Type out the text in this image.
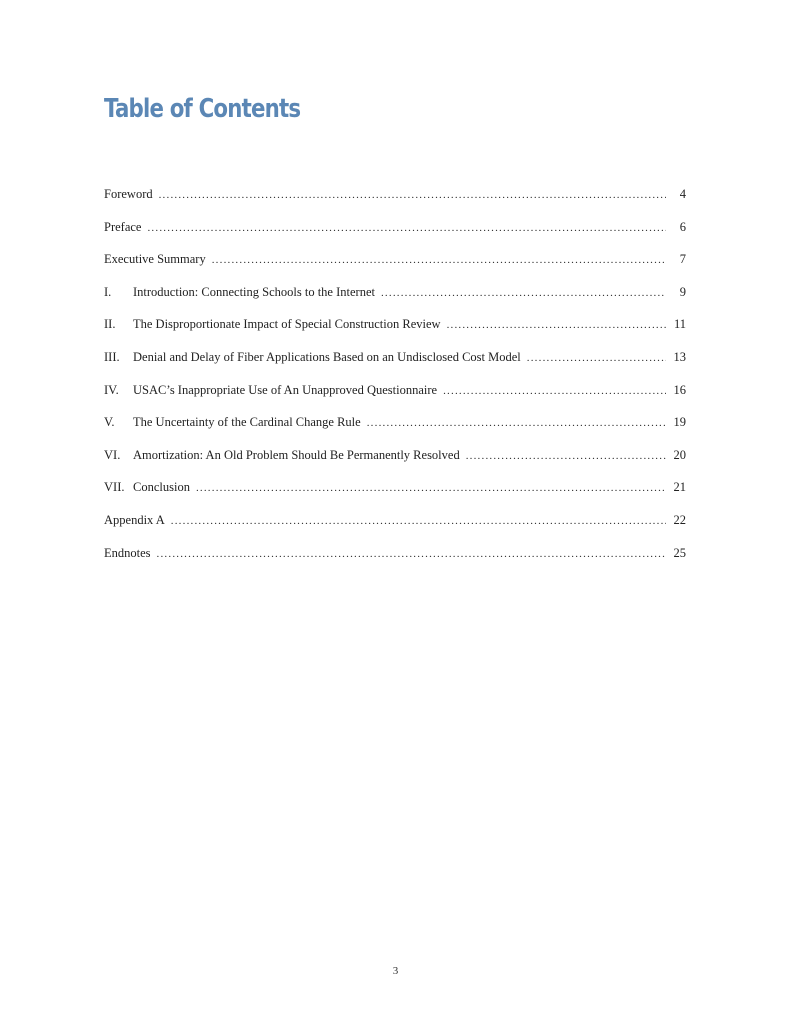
Table of Contents
Foreword .....	4
Preface .....	6
Executive Summary .....	7
I.	Introduction: Connecting Schools to the Internet .....	9
II.	The Disproportionate Impact of Special Construction Review .....	11
III.	Denial and Delay of Fiber Applications Based on an Undisclosed Cost Model .....	13
IV.	USAC’s Inappropriate Use of An Unapproved Questionnaire .....	16
V.	The Uncertainty of the Cardinal Change Rule .....	19
VI.	Amortization: An Old Problem Should Be Permanently Resolved .....	20
VII. Conclusion .....	21
Appendix A .....	22
Endnotes .....	25
3
